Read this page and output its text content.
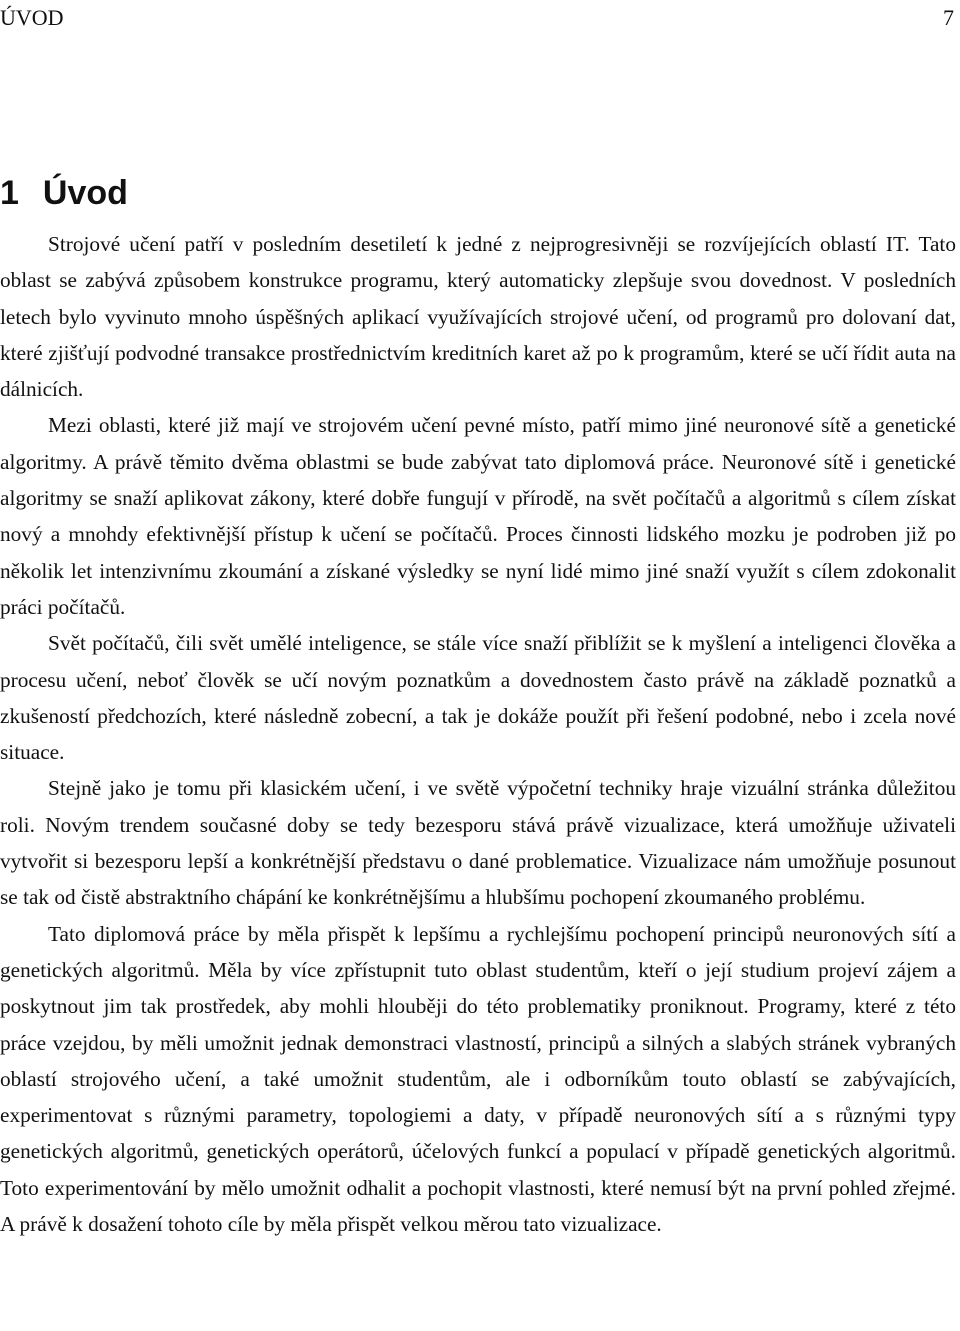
ÚVOD	7
1 Úvod

Strojové učení patří v posledním desetiletí k jedné z nejprogresivněji se rozvíjejících oblastí IT. Tato oblast se zabývá způsobem konstrukce programu, který automaticky zlepšuje svou dovednost. V posledních letech bylo vyvinuto mnoho úspěšných aplikací využívajících strojové učení, od programů pro dolovaní dat, které zjišťují podvodné transakce prostřednictvím kreditních karet až po k programům, které se učí řídit auta na dálnicích.

Mezi oblasti, které již mají ve strojovém učení pevné místo, patří mimo jiné neuronové sítě a genetické algoritmy. A právě těmito dvěma oblastmi se bude zabývat tato diplomová práce. Neuronové sítě i genetické algoritmy se snaží aplikovat zákony, které dobře fungují v přírodě, na svět počítačů a algoritmů s cílem získat nový a mnohdy efektivnější přístup k učení se počítačů. Proces činnosti lidského mozku je podroben již po několik let intenzivnímu zkoumání a získané výsledky se nyní lidé mimo jiné snaží využít s cílem zdokonalit práci počítačů.

Svět počítačů, čili svět umělé inteligence, se stále více snaží přiblížit se k myšlení a inteligenci člověka a procesu učení, neboť člověk se učí novým poznatkům a dovednostem často právě na základě poznatků a zkušeností předchozích, které následně zobecní, a tak je dokáže použít při řešení podobné, nebo i zcela nové situace.

Stejně jako je tomu při klasickém učení, i ve světě výpočetní techniky hraje vizuální stránka důležitou roli. Novým trendem současné doby se tedy bezesporu stává právě vizualizace, která umožňuje uživateli vytvořit si bezesporu lepší a konkrétnější představu o dané problematice. Vizualizace nám umožňuje posunout se tak od čistě abstraktního chápání ke konkrétnějšímu a hlubšímu pochopení zkoumaného problému.

Tato diplomová práce by měla přispět k lepšímu a rychlejšímu pochopení principů neuronových sítí a genetických algoritmů. Měla by více zpřístupnit tuto oblast studentům, kteří o její studium projeví zájem a poskytnout jim tak prostředek, aby mohli hlouběji do této problematiky proniknout. Programy, které z této práce vzejdou, by měli umožnit jednak demonstraci vlastností, principů a silných a slabých stránek vybraných oblastí strojového učení, a také umožnit studentům, ale i odborníkům touto oblastí se zabývajících, experimentovat s různými parametry, topologiemi a daty, v případě neuronových sítí a s různými typy genetických algoritmů, genetických operátorů, účelových funkcí a populací v případě genetických algoritmů. Toto experimentování by mělo umožnit odhalit a pochopit vlastnosti, které nemusí být na první pohled zřejmé. A právě k dosažení tohoto cíle by měla přispět velkou měrou tato vizualizace.
